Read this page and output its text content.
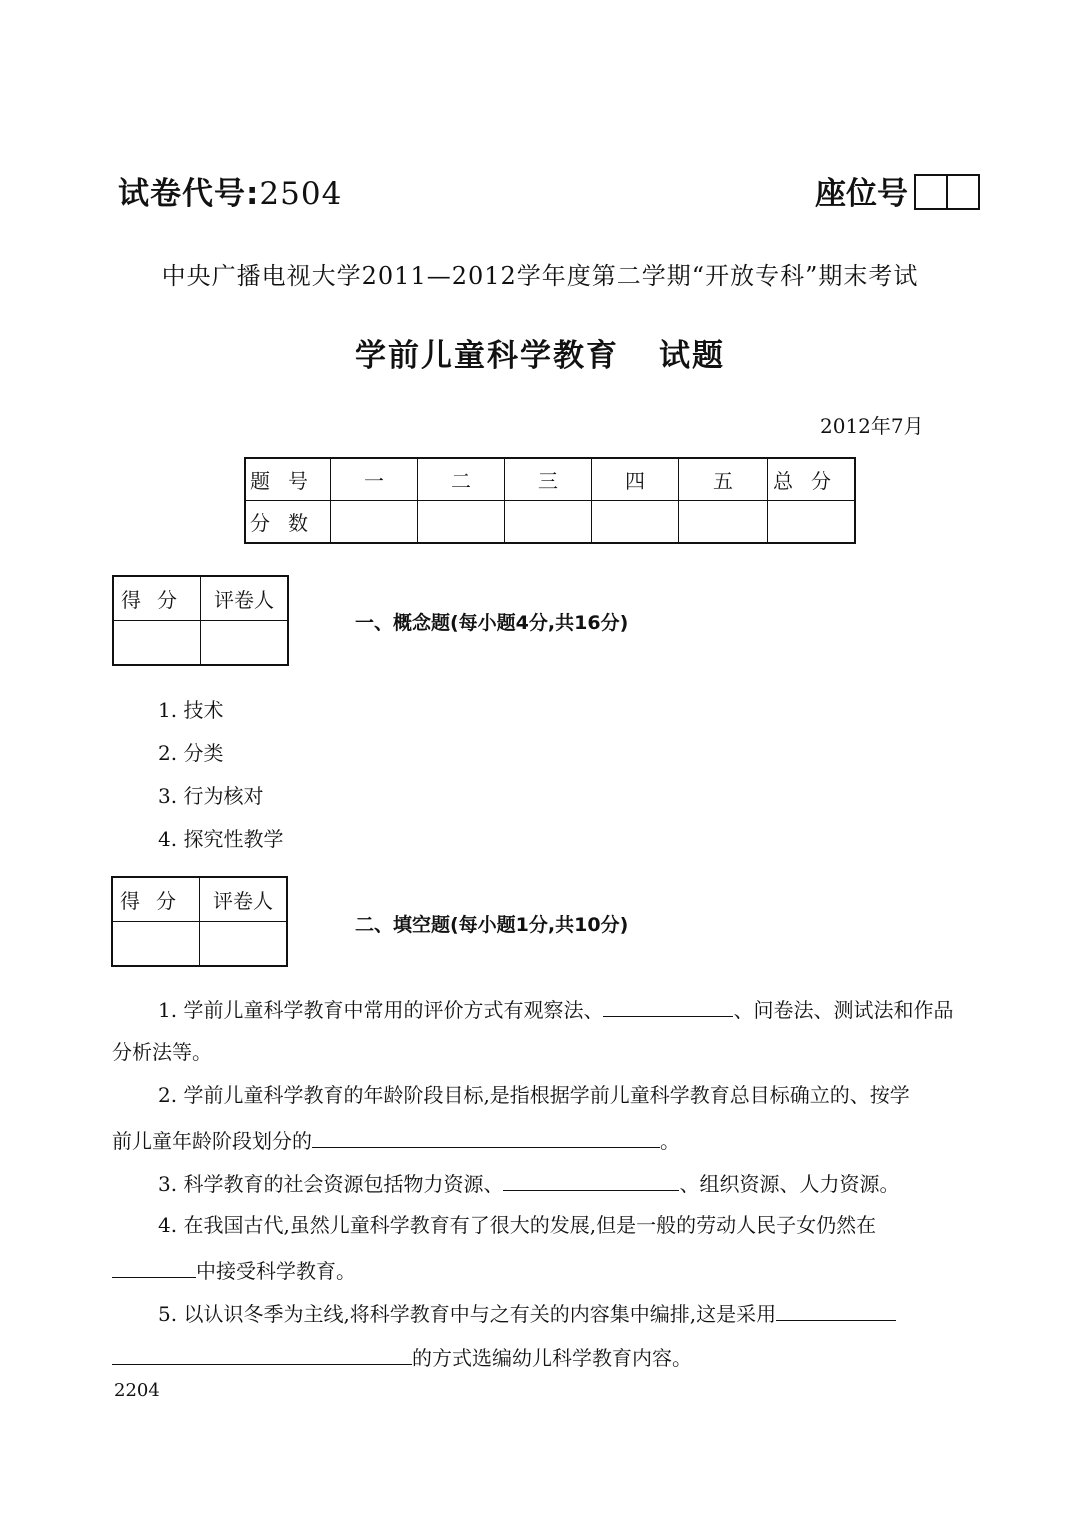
试卷代号:2504	座位号
中央广播电视大学2011—2012学年度第二学期“开放专科”期末考试
学前儿童科学教育 试题
2012年7月
题号	一	二	三	四	五	总分
分数						
得分	评卷人

一、概念题(每小题4分,共16分)
1. 技术
2. 分类
3. 行为核对
4. 探究性教学
得分	评卷人

二、填空题(每小题1分,共10分)
1. 学前儿童科学教育中常用的评价方式有观察法、	、问卷法、测试法和作品
分析法等。
2. 学前儿童科学教育的年龄阶段目标,是指根据学前儿童科学教育总目标确立的、按学
前儿童年龄阶段划分的	。
3. 科学教育的社会资源包括物力资源、	、组织资源、人力资源。
4. 在我国古代,虽然儿童科学教育有了很大的发展,但是一般的劳动人民子女仍然在
中接受科学教育。
5. 以认识冬季为主线,将科学教育中与之有关的内容集中编排,这是采用
的方式选编幼儿科学教育内容。
2204
